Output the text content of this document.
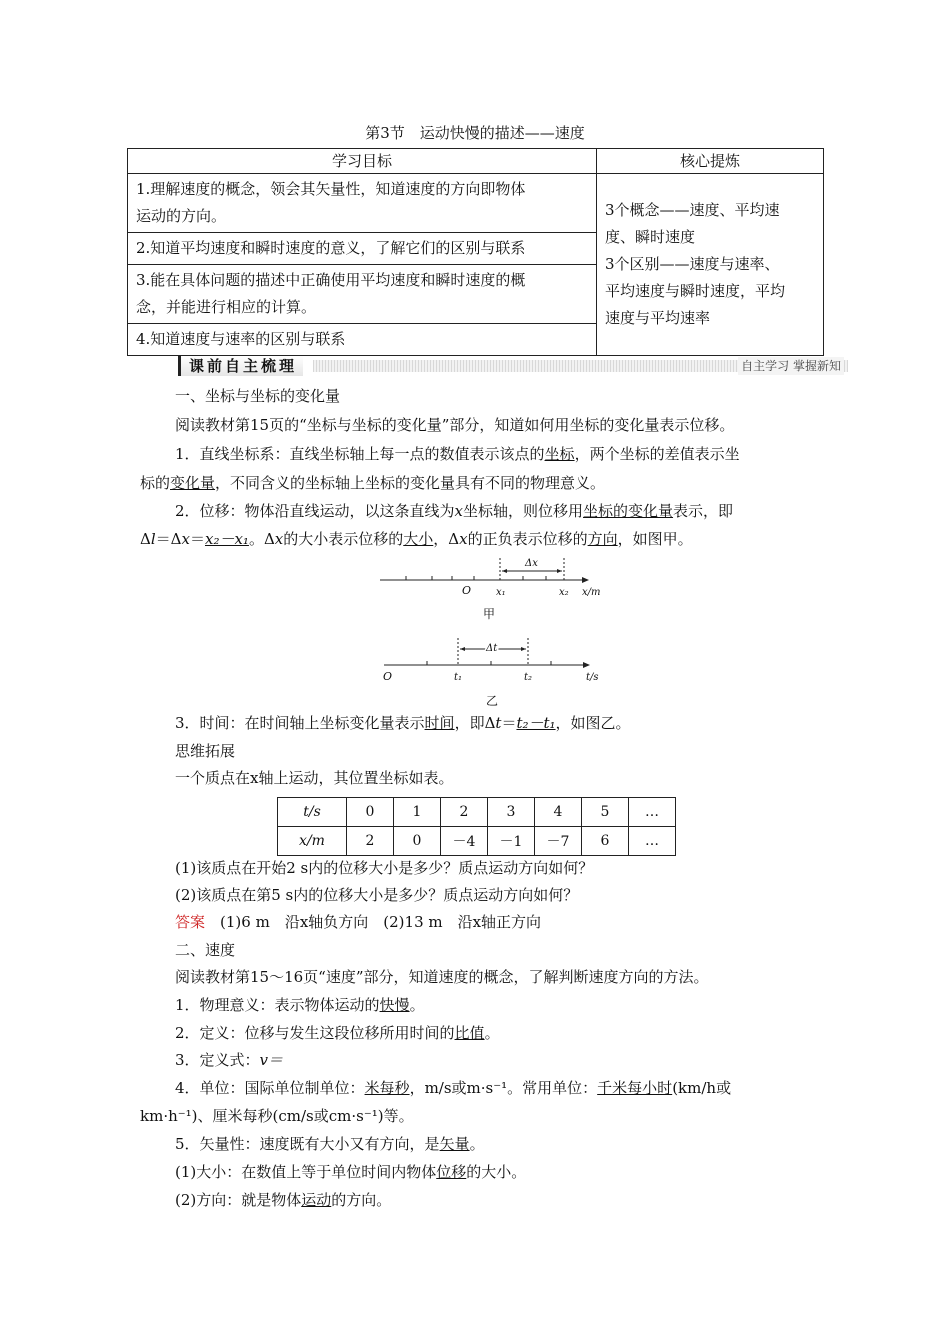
第3节　运动快慢的描述——速度
学习目标	核心提炼
1.理解速度的概念，领会其矢量性，知道速度的方向即物体
运动的方向。	3个概念——速度、平均速
度、瞬时速度
3个区别——速度与速率、
平均速度与瞬时速度，平均
速度与平均速率
2.知道平均速度和瞬时速度的意义，了解它们的区别与联系	
3.能在具体问题的描述中正确使用平均速度和瞬时速度的概
念，并能进行相应的计算。	
4.知道速度与速率的区别与联系	
课前自主梳理	自主学习 掌握新知
一、坐标与坐标的变化量
阅读教材第15页的“坐标与坐标的变化量”部分，知道如何用坐标的变化量表示位移。
1．直线坐标系：直线坐标轴上每一点的数值表示该点的坐标，两个坐标的差值表示坐
标的变化量，不同含义的坐标轴上坐标的变化量具有不同的物理意义。
2．位移：物体沿直线运动，以这条直线为x坐标轴，则位移用坐标的变化量表示，即
Δl＝Δx＝x₂－x₁。Δx的大小表示位移的大小，Δx的正负表示位移的方向，如图甲。
Δx
O x₁	x₂ x/m
甲
Δt
O	t₁	t₂	t/s
乙
3．时间：在时间轴上坐标变化量表示时间，即Δt＝t₂－t₁，如图乙。
思维拓展
一个质点在x轴上运动，其位置坐标如表。
t/s	0	1	2	3	4	5	…
x/m	2	0	－4	－1	－7	6	…
(1)该质点在开始2 s内的位移大小是多少？质点运动方向如何？
(2)该质点在第5 s内的位移大小是多少？质点运动方向如何？
答案　 (1)6 m　沿x轴负方向　(2)13 m　沿x轴正方向
二、速度
阅读教材第15～16页“速度”部分，知道速度的概念，了解判断速度方向的方法。
1．物理意义：表示物体运动的快慢。
2．定义：位移与发生这段位移所用时间的比值。
3．定义式：v＝
4．单位：国际单位制单位：米每秒，m/s或m·s⁻¹。常用单位：千米每小时(km/h或
km·h⁻¹)、厘米每秒(cm/s或cm·s⁻¹)等。
5．矢量性：速度既有大小又有方向，是矢量。
(1)大小：在数值上等于单位时间内物体位移的大小。
(2)方向：就是物体运动的方向。
